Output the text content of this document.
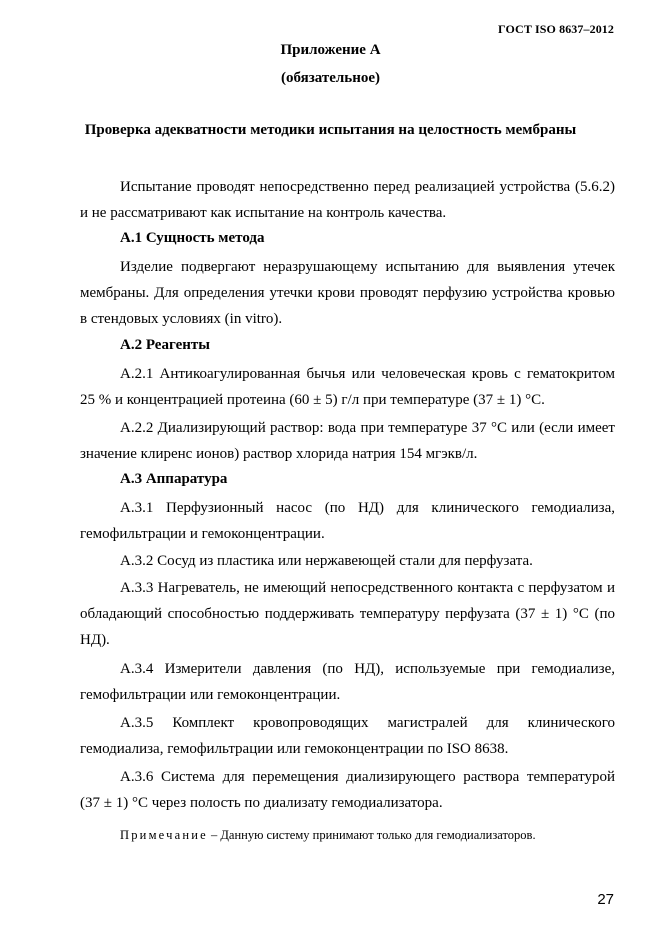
ГОСТ ISO 8637–2012
Приложение А
(обязательное)
Проверка адекватности методики испытания на целостность мембраны
Испытание проводят непосредственно перед реализацией устройства (5.6.2) и не рассматривают как испытание на контроль качества.
А.1 Сущность метода
Изделие подвергают неразрушающему испытанию для выявления утечек мембраны. Для определения утечки крови проводят перфузию устройства кровью в стендовых условиях (in vitro).
А.2 Реагенты
А.2.1 Антикоагулированная бычья или человеческая кровь с гематокритом 25 % и концентрацией протеина (60 ± 5) г/л при температуре (37 ± 1) °С.
А.2.2 Диализирующий раствор: вода при температуре 37 °С или (если имеет значение клиренс ионов) раствор хлорида натрия 154 мгэкв/л.
А.3 Аппаратура
А.3.1 Перфузионный насос (по НД) для клинического гемодиализа, гемофильтрации и гемоконцентрации.
А.3.2 Сосуд из пластика или нержавеющей стали для перфузата.
А.3.3 Нагреватель, не имеющий непосредственного контакта с перфузатом и обладающий способностью поддерживать температуру перфузата (37 ± 1) °С (по НД).
А.3.4 Измерители давления (по НД), используемые при гемодиализе, гемофильтрации или гемоконцентрации.
А.3.5 Комплект кровопроводящих магистралей для клинического гемодиализа, гемофильтрации или гемоконцентрации по ISO 8638.
А.3.6 Система для перемещения диализирующего раствора температурой (37 ± 1) °С через полость по диализату гемодиализатора.
Примечание – Данную систему принимают только для гемодиализаторов.
27
